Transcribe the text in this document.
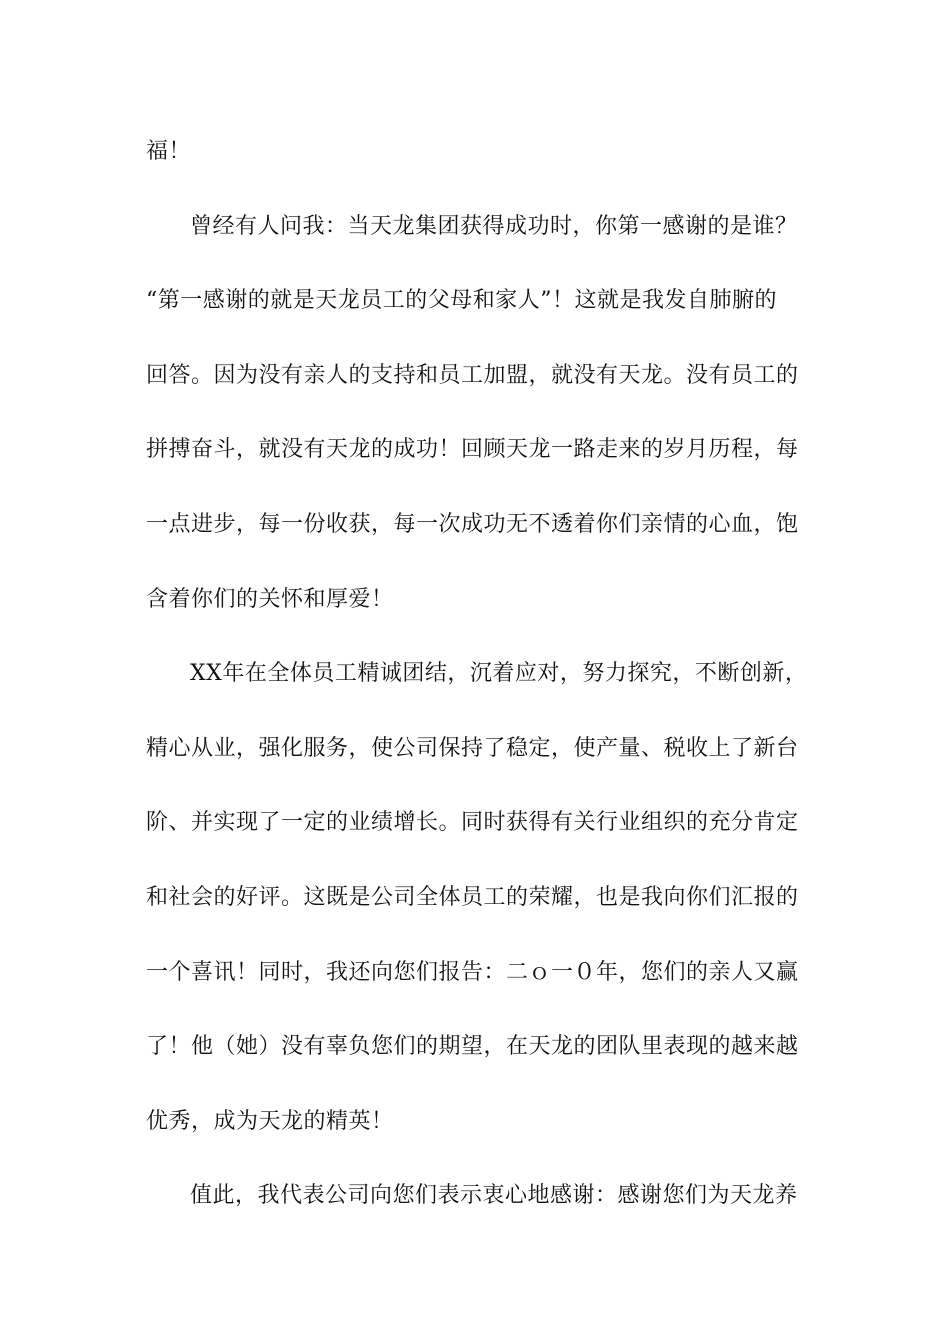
福！
曾经有人问我：当天龙集团获得成功时，你第一感谢的是谁？
“第一感谢的就是天龙员工的父母和家人”！这就是我发自肺腑的
回答。因为没有亲人的支持和员工加盟，就没有天龙。没有员工的
拼搏奋斗，就没有天龙的成功！回顾天龙一路走来的岁月历程，每
一点进步，每一份收获，每一次成功无不透着你们亲情的心血，饱
含着你们的关怀和厚爱！
XX年在全体员工精诚团结，沉着应对，努力探究，不断创新，
精心从业，强化服务，使公司保持了稳定，使产量、税收上了新台
阶、并实现了一定的业绩增长。同时获得有关行业组织的充分肯定
和社会的好评。这既是公司全体员工的荣耀，也是我向你们汇报的
一个喜讯！同时，我还向您们报告：二ｏ一０年，您们的亲人又赢
了！他（她）没有辜负您们的期望，在天龙的团队里表现的越来越
优秀，成为天龙的精英！
值此，我代表公司向您们表示衷心地感谢：感谢您们为天龙养
